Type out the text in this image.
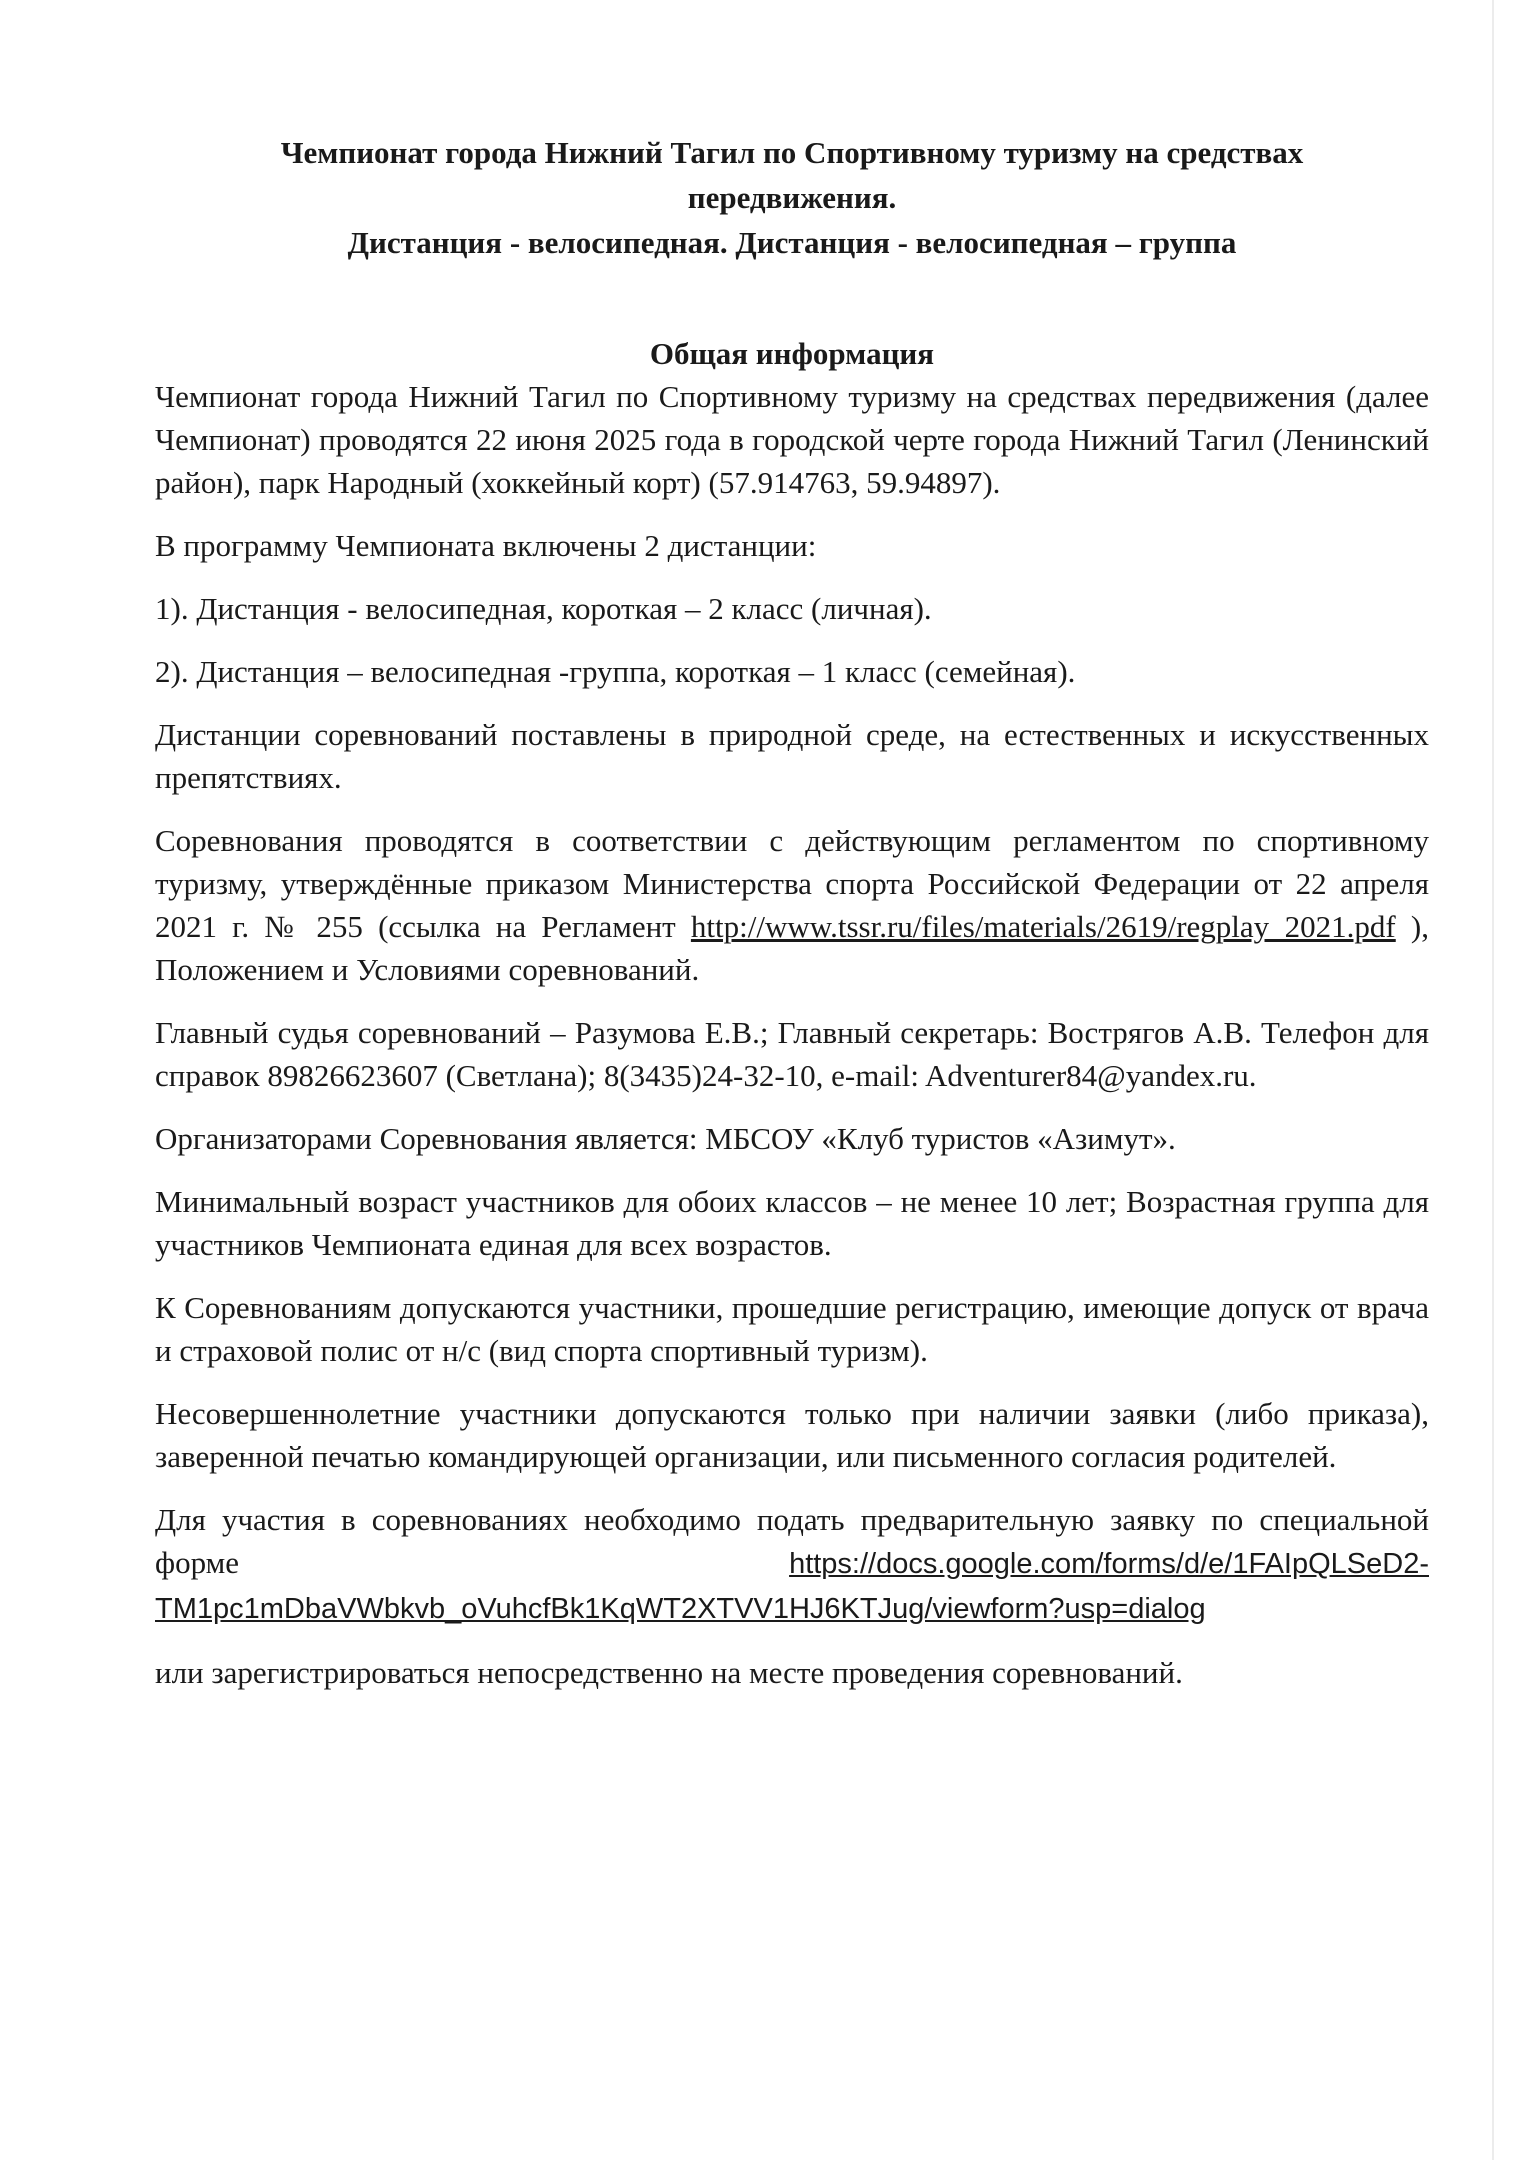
Чемпионат города Нижний Тагил по Спортивному туризму на средствах
передвижения.
Дистанция - велосипедная. Дистанция - велосипедная – группа
Общая информация

Чемпионат города Нижний Тагил по Спортивному туризму на средствах передвижения (далее Чемпионат) проводятся 22 июня 2025 года в городской черте города Нижний Тагил (Ленинский район), парк Народный (хоккейный корт) (57.914763, 59.94897).

В программу Чемпионата включены 2 дистанции:

1). Дистанция - велосипедная, короткая – 2 класс (личная).

2). Дистанция – велосипедная -группа, короткая – 1 класс (семейная).

Дистанции соревнований поставлены в природной среде, на естественных и искусственных препятствиях.

Соревнования проводятся в соответствии с действующим регламентом по спортивному туризму, утверждённые приказом Министерства спорта Российской Федерации от 22 апреля 2021 г. № 255 (ссылка на Регламент http://www.tssr.ru/files/materials/2619/regplay_2021.pdf ), Положением и Условиями соревнований.

Главный судья соревнований – Разумова Е.В.; Главный секретарь: Вострягов А.В. Телефон для справок 89826623607 (Светлана); 8(3435)24-32-10, e-mail: Adventurer84@yandex.ru.

Организаторами Соревнования является: МБСОУ «Клуб туристов «Азимут».

Минимальный возраст участников для обоих классов – не менее 10 лет; Возрастная группа для участников Чемпионата единая для всех возрастов.

К Соревнованиям допускаются участники, прошедшие регистрацию, имеющие допуск от врача и страховой полис от н/с (вид спорта спортивный туризм).

Несовершеннолетние участники допускаются только при наличии заявки (либо приказа), заверенной печатью командирующей организации, или письменного согласия родителей.

Для участия в соревнованиях необходимо подать предварительную заявку по специальной форме https://docs.google.com/forms/d/e/1FAIpQLSeD2-TM1pc1mDbaVWbkvb_oVuhcfBk1KqWT2XTVV1HJ6KTJug/viewform?usp=dialog

или зарегистрироваться непосредственно на месте проведения соревнований.
